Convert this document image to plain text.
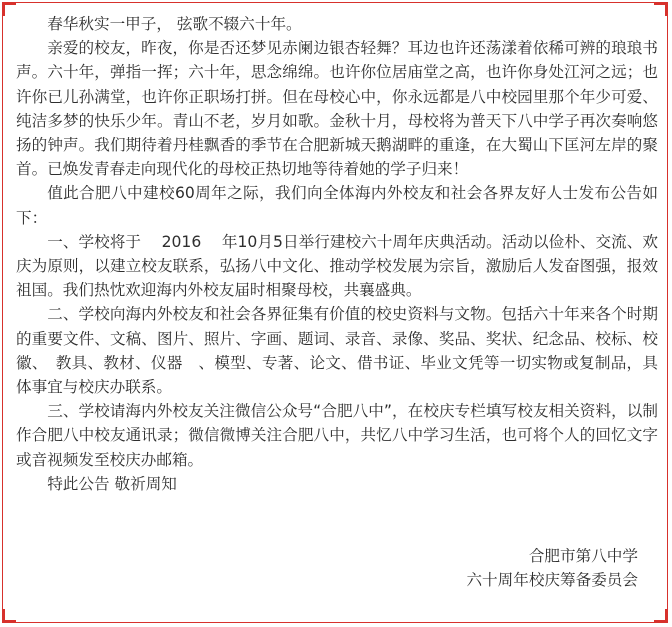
春华秋实一甲子， 弦歌不辍六十年。

亲爱的校友，昨夜，你是否还梦见赤阑边银杏轻舞？耳边也许还荡漾着依稀可辨的琅琅书声。六十年，弹指一挥；六十年，思念绵绵。也许你位居庙堂之高，也许你身处江河之远；也许你已儿孙满堂，也许你正职场打拼。但在母校心中，你永远都是八中校园里那个年少可爱、纯洁多梦的快乐少年。青山不老，岁月如歌。金秋十月，母校将为普天下八中学子再次奏响悠扬的钟声。我们期待着丹桂飘香的季节在合肥新城天鹅湖畔的重逢，在大蜀山下匡河左岸的聚首。已焕发青春走向现代化的母校正热切地等待着她的学子归来！

值此合肥八中建校60周年之际，我们向全体海内外校友和社会各界友好人士发布公告如下：

一、学校将于　 2016 　年10月5日举行建校六十周年庆典活动。活动以俭朴、交流、欢庆为原则，以建立校友联系，弘扬八中文化、推动学校发展为宗旨，激励后人发奋图强，报效祖国。我们热忱欢迎海内外校友届时相聚母校，共襄盛典。

二、学校向海内外校友和社会各界征集有价值的校史资料与文物。包括六十年来各个时期的重要文件、文稿、图片、照片、字画、题词、录音、录像、奖品、奖状、纪念品、校标、校徽、　教具、教材、仪器　、模型、专著、论文、借书证、毕业文凭等一切实物或复制品，具体事宜与校庆办联系。

三、学校请海内外校友关注微信公众号“合肥八中”，在校庆专栏填写校友相关资料，以制作合肥八中校友通讯录；微信微博关注合肥八中，共忆八中学习生活，也可将个人的回忆文字或音视频发至校庆办邮箱。

特此公告 敬祈周知

合肥市第八中学
六十周年校庆筹备委员会
